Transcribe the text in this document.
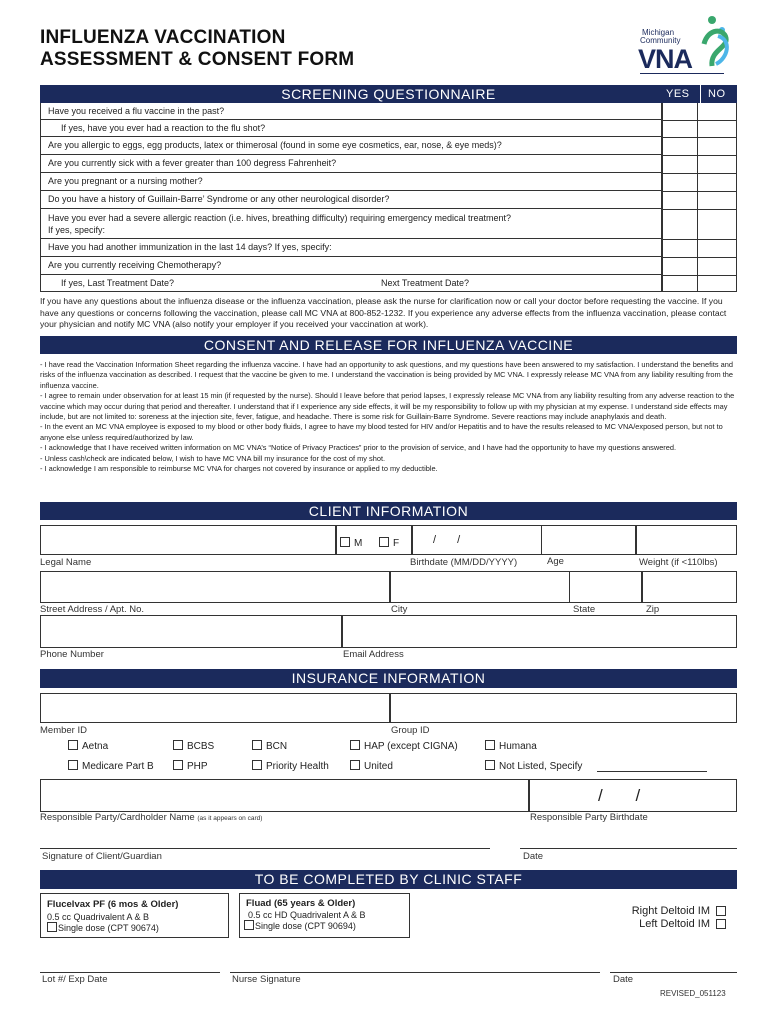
INFLUENZA VACCINATION
ASSESSMENT & CONSENT FORM
Michigan
Community
VNA
SCREENING QUESTIONNAIRE	YES NO
Have you received a flu vaccine in the past?
If yes, have you ever had a reaction to the flu shot?
Are you allergic to eggs, egg products, latex or thimerosal (found in some eye cosmetics, ear, nose, & eye meds)?
Are you currently sick with a fever greater than 100 degress Fahrenheit?
Are you pregnant or a nursing mother?
Do you have a history of Guillain-Barre’ Syndrome or any other neurological disorder?
Have you ever had a severe allergic reaction (i.e. hives, breathing difficulty) requiring emergency medical treatment?
If yes, specify:
Have you had another immunization in the last 14 days? If yes, specify:
Are you currently receiving Chemotherapy?
If yes, Last Treatment Date?	Next Treatment Date?
If you have any questions about the influenza disease or the influenza vaccination, please ask the nurse for clarification now or call your doctor before requesting the vaccine. If you have any questions or concerns following the vaccination, please call MC VNA at 800-852-1232. If you experience any adverse effects from the influenza vaccination, please contact your physician and notify MC VNA (also notify your employer if you received your vaccination at work).
CONSENT AND RELEASE FOR INFLUENZA VACCINE
- I have read the Vaccination Information Sheet regarding the influenza vaccine. I have had an opportunity to ask questions, and my questions have been answered to my satisfaction. I understand the benefits and risks of the influenza vaccination as described. I request that the vaccine be given to me. I understand the vaccination is being provided by MC VNA. I expressly release MC VNA from any liability resulting from the influenza vaccine.
- I agree to remain under observation for at least 15 min (if requested by the nurse). Should I leave before that period lapses, I expressly release MC VNA from any liability resulting from any adverse reaction to the vaccine which may occur during that period and thereafter. I understand that if I experience any side effects, it will be my responsibility to follow up with my physician at my expense. I understand side effects may include, but are not limited to: soreness at the injection site, fever, fatigue, and headache. There is some risk for Guillain-Barre Syndrome. Severe reactions may include anaphylaxis and death.
- In the event an MC VNA employee is exposed to my blood or other body fluids, I agree to have my blood tested for HIV and/or Hepatitis and to have the results released to MC VNA/exposed person, but not to anyone else unless required/authorized by law.
- I acknowledge that I have received written information on MC VNA’s “Notice of Privacy Practices” prior to the provision of service, and I have had the opportunity to have my questions answered.
- Unless cash\check are indicated below, I wish to have MC VNA bill my insurance for the cost of my shot.
- I acknowledge I am responsible to reimburse MC VNA for charges not covered by insurance or applied to my deductible.
CLIENT INFORMATION
M	F	/ /
Legal Name	Birthdate (MM/DD/YYYY)	Age	Weight (if <110lbs)
Street Address / Apt. No.	City	State	Zip
Phone Number	Email Address
INSURANCE INFORMATION
Member ID	Group ID
Aetna	BCBS	BCN	HAP (except CIGNA)	Humana
Medicare Part B	PHP	Priority Health	United	Not Listed, Specify
/ /
Responsible Party/Cardholder Name (as it appears on card)	Responsible Party Birthdate
Signature of Client/Guardian	Date
TO BE COMPLETED BY CLINIC STAFF
Flucelvax PF (6 mos & Older)
0.5 cc Quadrivalent A & B
Single dose (CPT 90674)
Fluad (65 years & Older)
0.5 cc HD Quadrivalent A & B
Single dose (CPT 90694)
Right Deltoid IM
Left Deltoid IM
Lot #/ Exp Date	Nurse Signature	Date
REVISED_051123
